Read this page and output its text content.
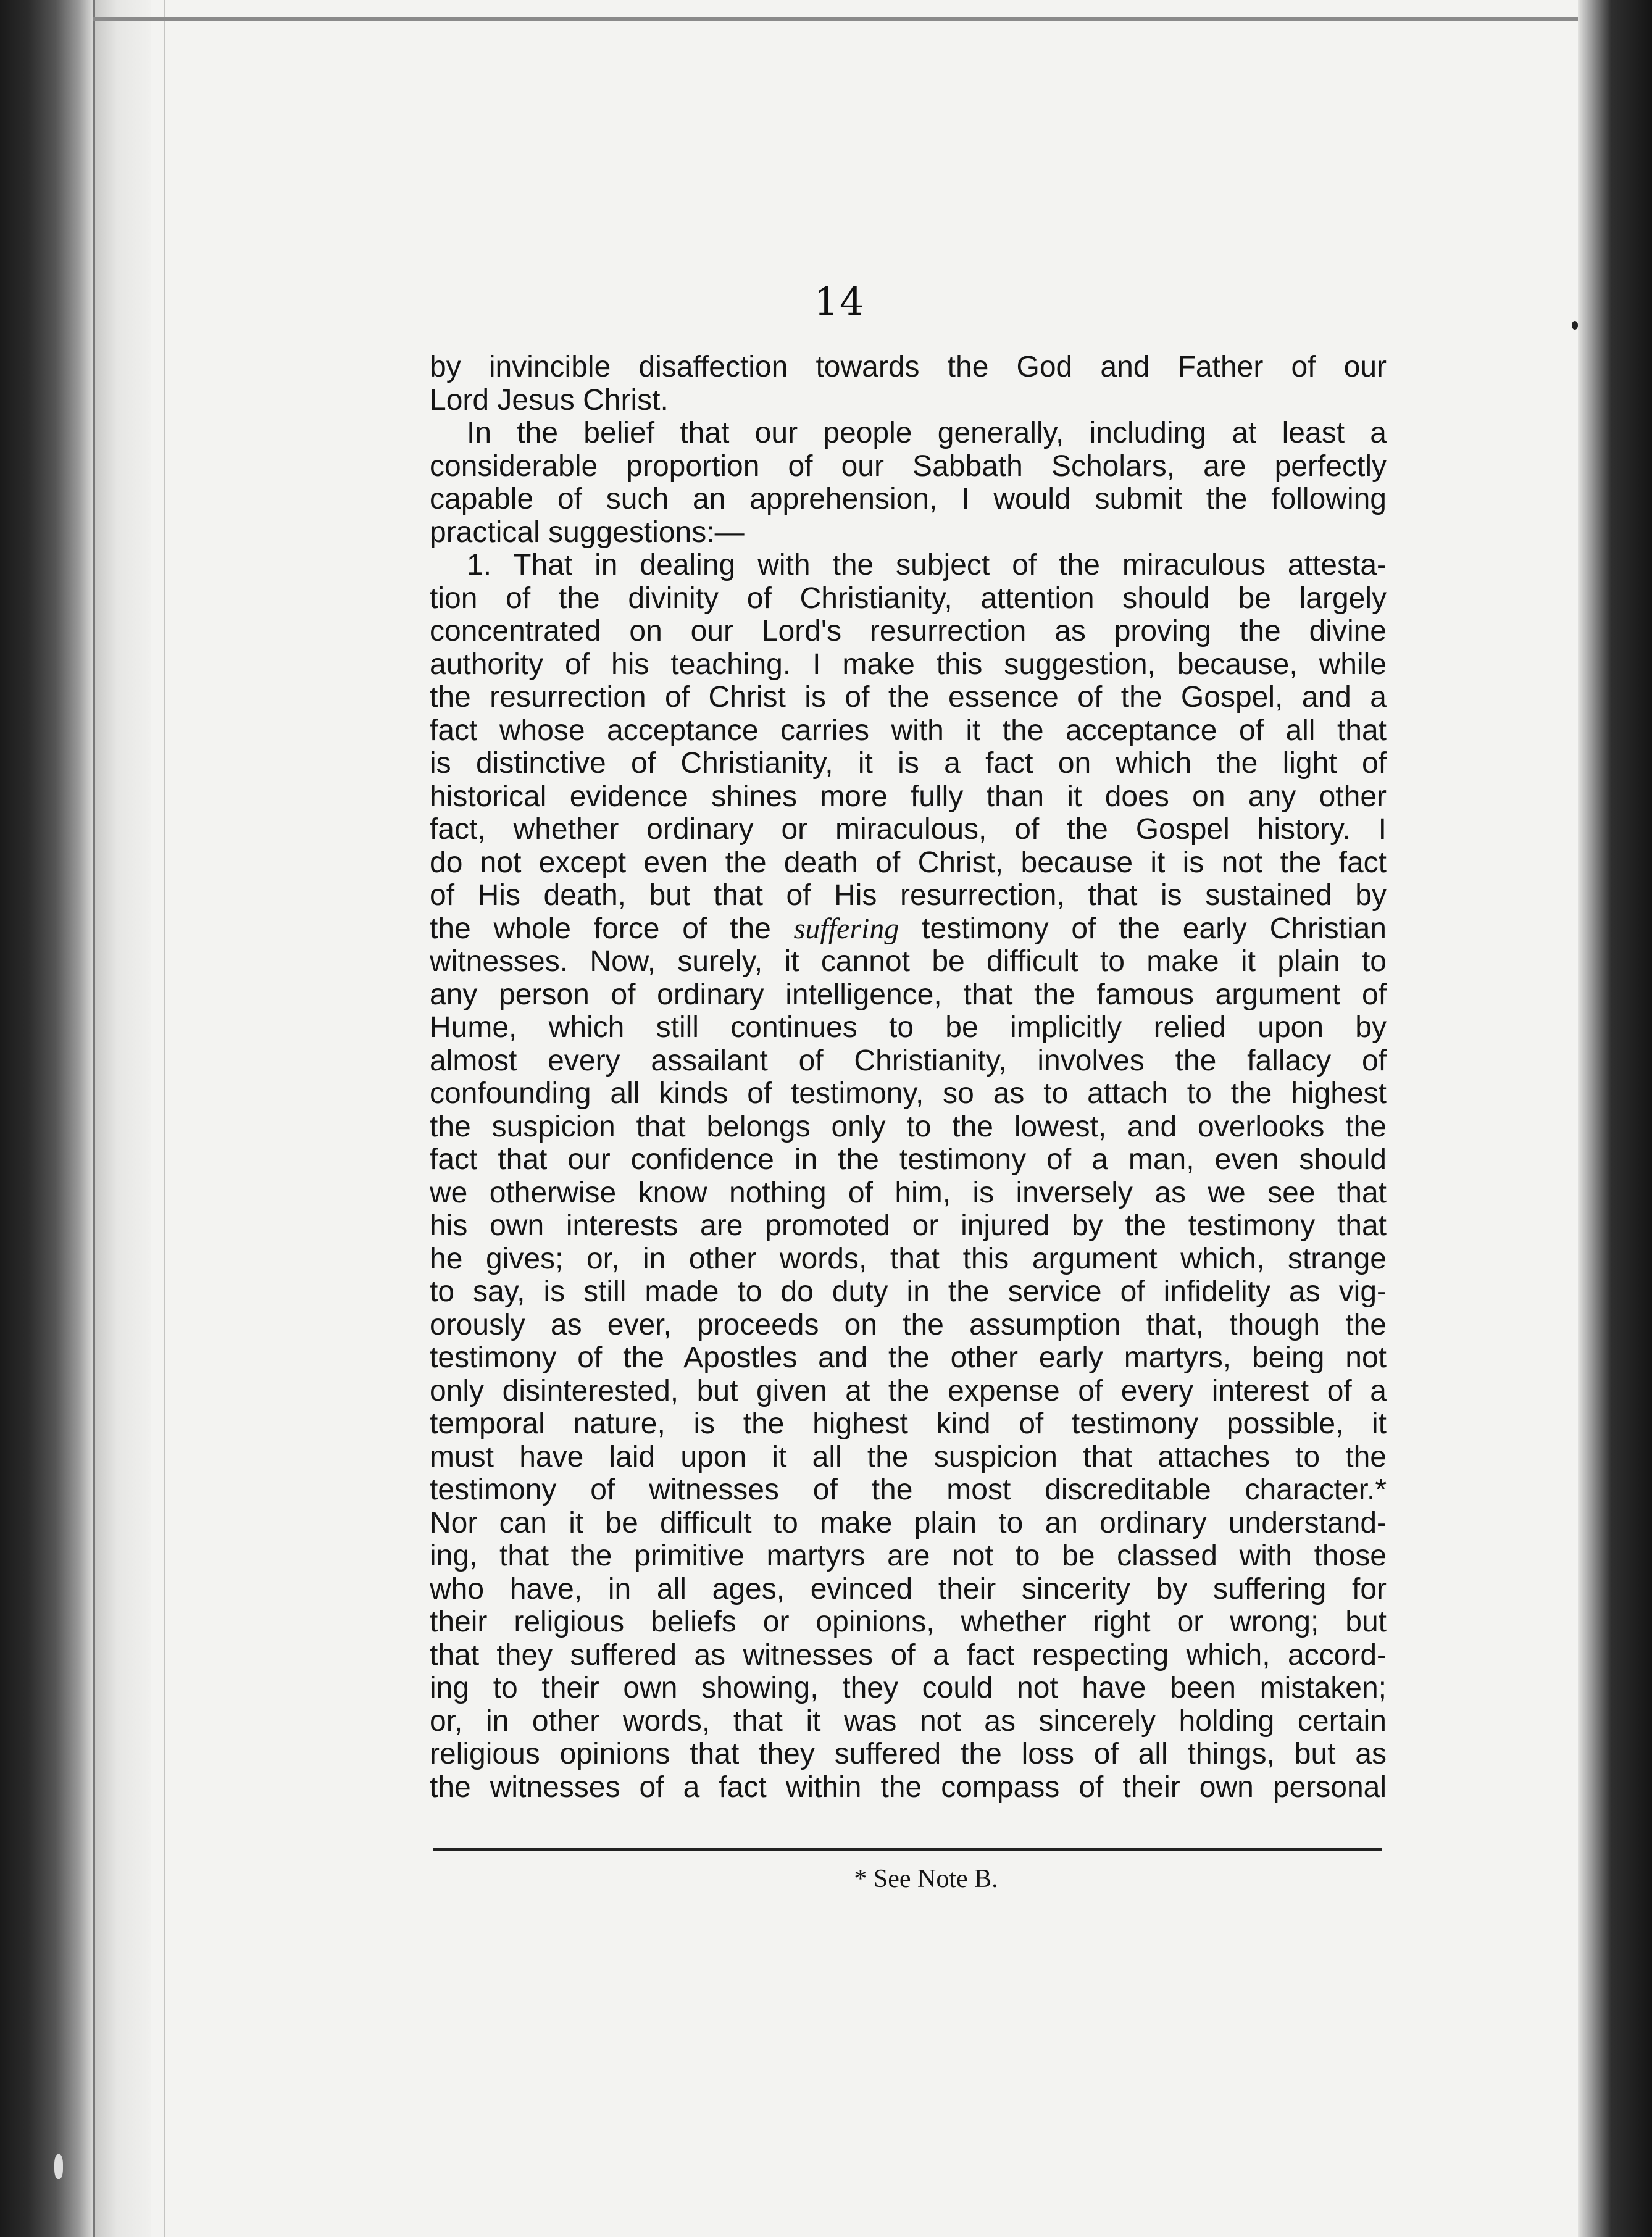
14
by invincible disaffection towards the God and Father of our
Lord Jesus Christ.
In the belief that our people generally, including at least a
considerable proportion of our Sabbath Scholars, are perfectly
capable of such an apprehension, I would submit the following
practical suggestions:—
1. That in dealing with the subject of the miraculous attesta-
tion of the divinity of Christianity, attention should be largely
concentrated on our Lord's resurrection as proving the divine
authority of his teaching. I make this suggestion, because, while
the resurrection of Christ is of the essence of the Gospel, and a
fact whose acceptance carries with it the acceptance of all that
is distinctive of Christianity, it is a fact on which the light of
historical evidence shines more fully than it does on any other
fact, whether ordinary or miraculous, of the Gospel history. I
do not except even the death of Christ, because it is not the fact
of His death, but that of His resurrection, that is sustained by
the whole force of the suffering testimony of the early Christian
witnesses. Now, surely, it cannot be difficult to make it plain to
any person of ordinary intelligence, that the famous argument of
Hume, which still continues to be implicitly relied upon by
almost every assailant of Christianity, involves the fallacy of
confounding all kinds of testimony, so as to attach to the highest
the suspicion that belongs only to the lowest, and overlooks the
fact that our confidence in the testimony of a man, even should
we otherwise know nothing of him, is inversely as we see that
his own interests are promoted or injured by the testimony that
he gives; or, in other words, that this argument which, strange
to say, is still made to do duty in the service of infidelity as vig-
orously as ever, proceeds on the assumption that, though the
testimony of the Apostles and the other early martyrs, being not
only disinterested, but given at the expense of every interest of a
temporal nature, is the highest kind of testimony possible, it
must have laid upon it all the suspicion that attaches to the
testimony of witnesses of the most discreditable character.*
Nor can it be difficult to make plain to an ordinary understand-
ing, that the primitive martyrs are not to be classed with those
who have, in all ages, evinced their sincerity by suffering for
their religious beliefs or opinions, whether right or wrong; but
that they suffered as witnesses of a fact respecting which, accord-
ing to their own showing, they could not have been mistaken;
or, in other words, that it was not as sincerely holding certain
religious opinions that they suffered the loss of all things, but as
the witnesses of a fact within the compass of their own personal
* See Note B.
